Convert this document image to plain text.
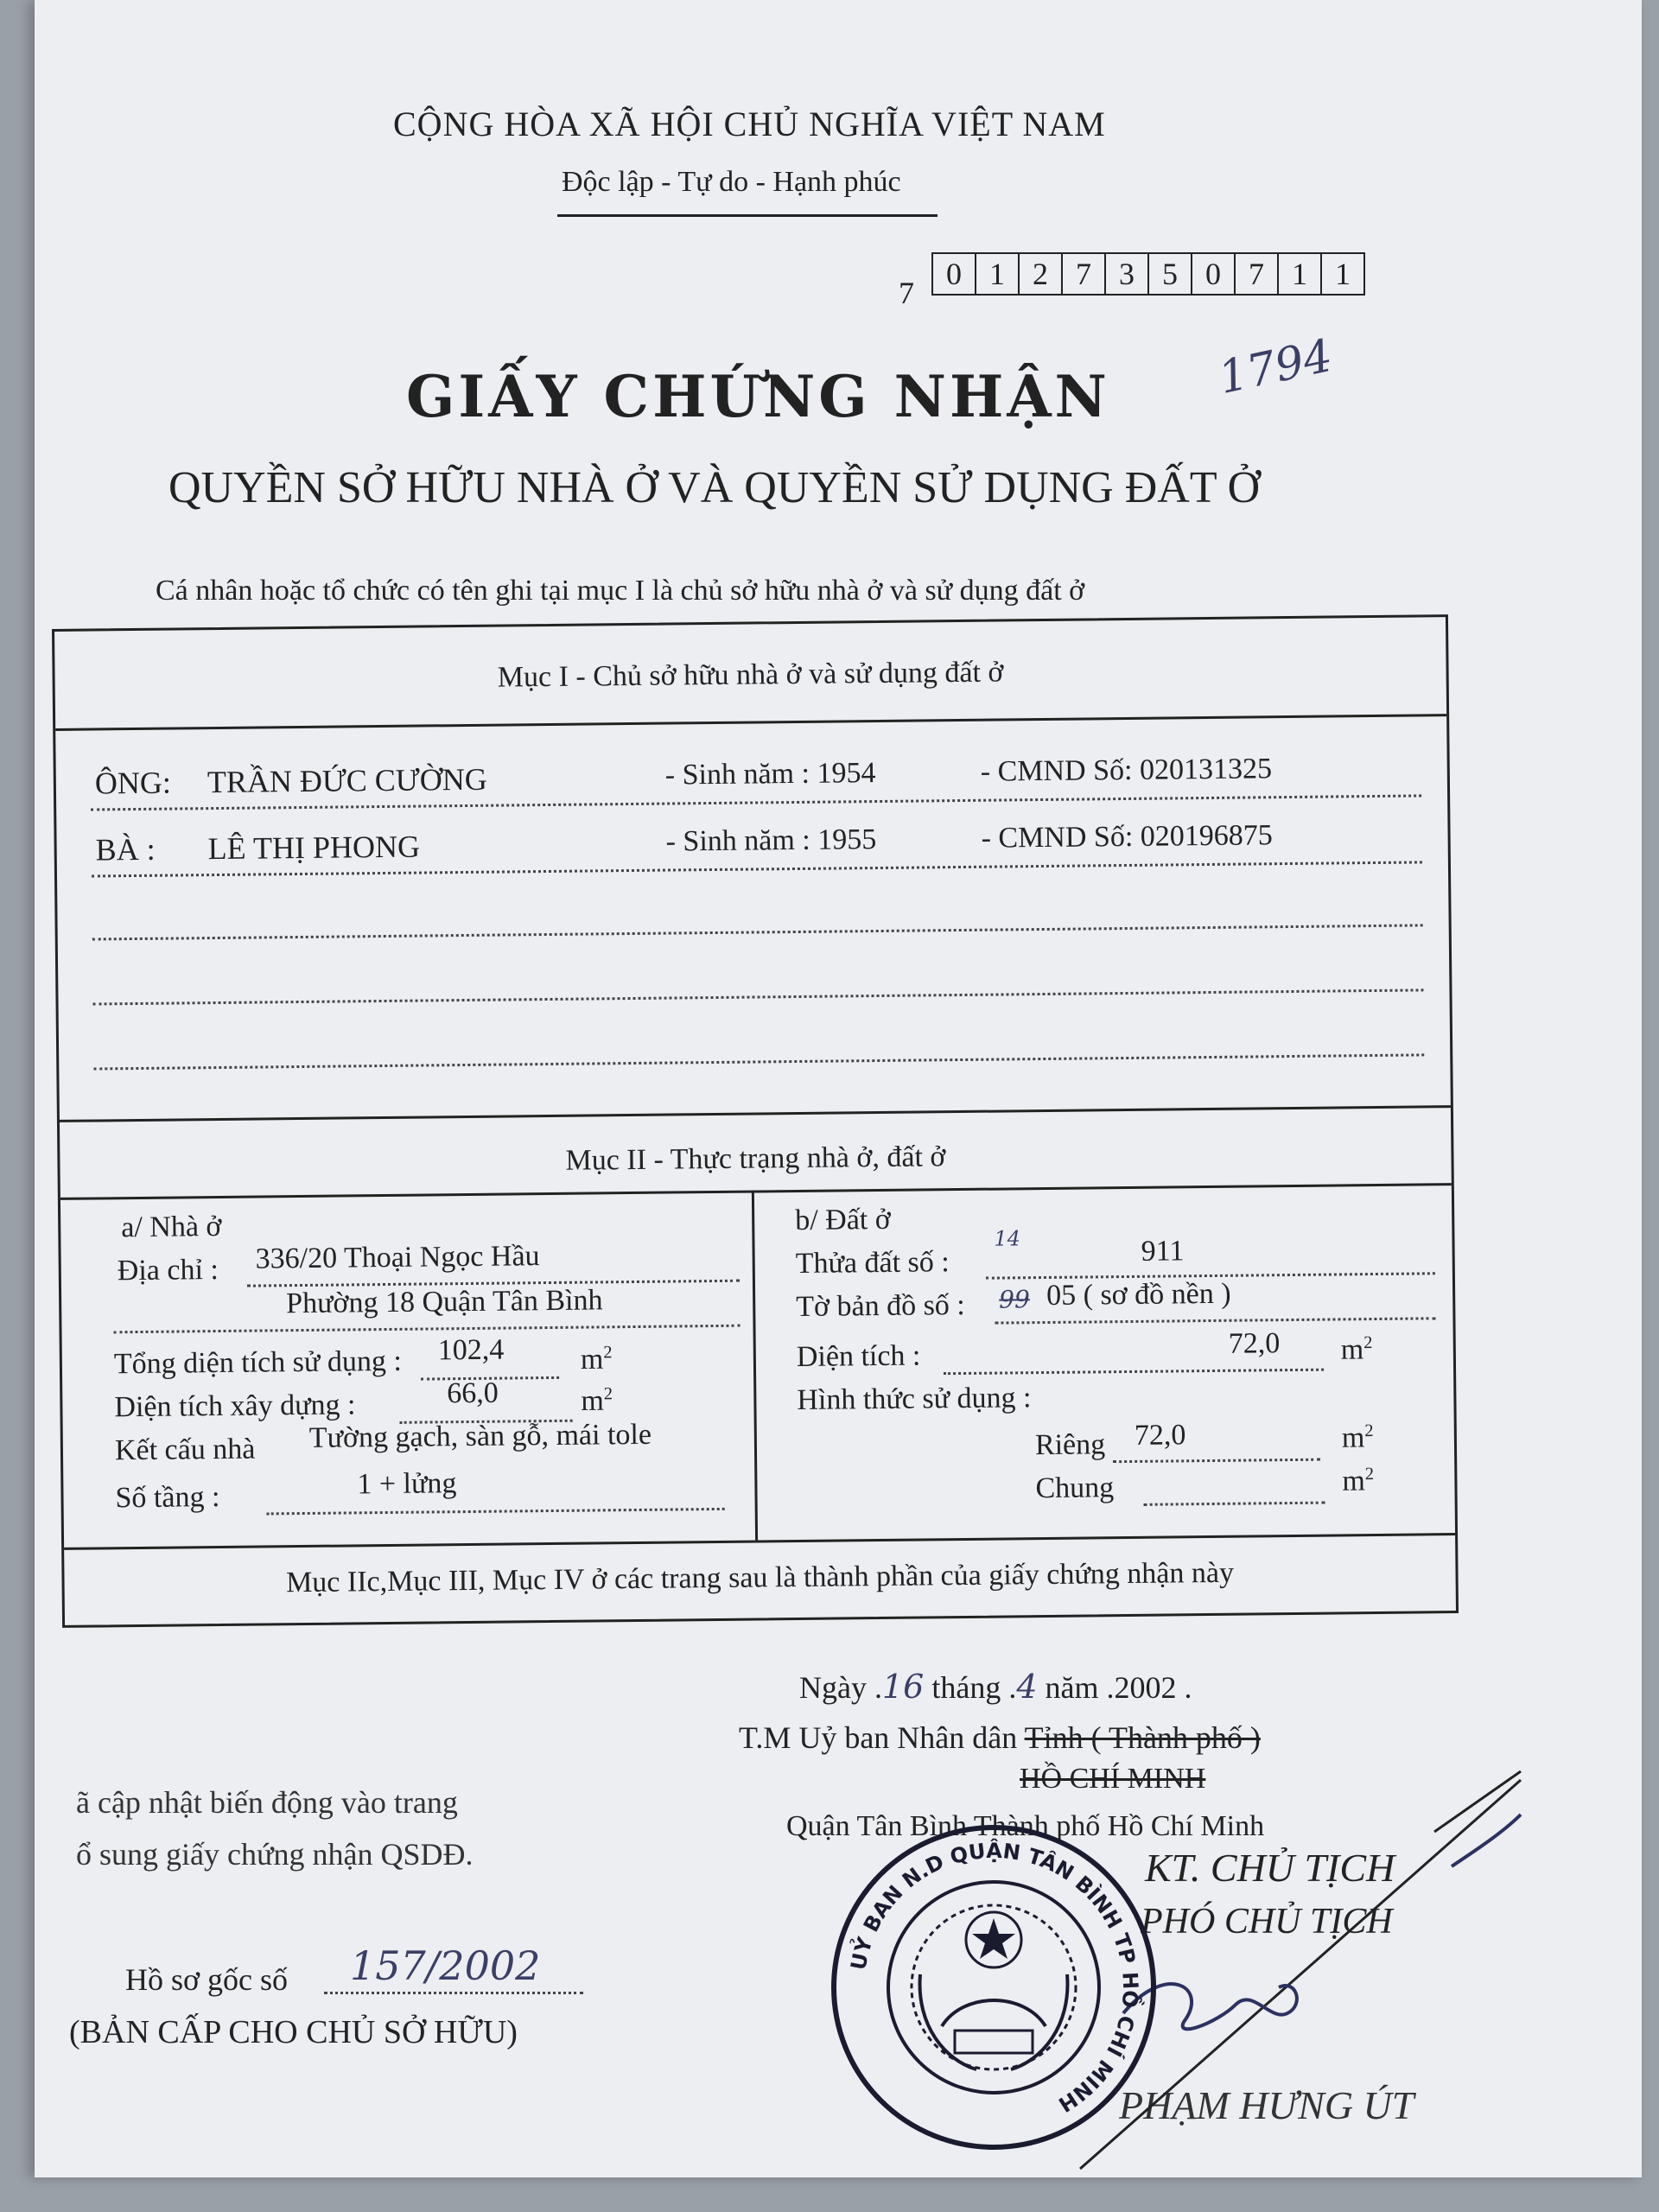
CỘNG HÒA XÃ HỘI CHỦ NGHĨA VIỆT NAM
Độc lập - Tự do - Hạnh phúc
7
0 1 2 7 3 5 0 7 1 1
1794
GIẤY CHỨNG NHẬN
QUYỀN SỞ HỮU NHÀ Ở VÀ QUYỀN SỬ DỤNG ĐẤT Ở
Cá nhân hoặc tổ chức có tên ghi tại mục I là chủ sở hữu nhà ở và sử dụng đất ở
Mục I - Chủ sở hữu nhà ở và sử dụng đất ở
ÔNG: TRẦN ĐỨC CƯỜNG	- Sinh năm : 1954	- CMND Số: 020131325
BÀ : LÊ THỊ PHONG	- Sinh năm : 1955	- CMND Số: 020196875
Mục II - Thực trạng nhà ở, đất ở
a/ Nhà ở
Địa chỉ : 336/20 Thoại Ngọc Hầu
Phường 18 Quận Tân Bình
Tổng diện tích sử dụng : 102,4	$m^2$
Diện tích xây dựng :	66,0	$m^2$
Kết cấu nhà Tường gạch, sàn gỗ, mái tole
Số tầng :	1 + lửng
b/ Đất ở
Thửa đất số :
14	911
Tờ bản đồ số : 99 05 ( sơ đồ nền )
Diện tích :	72,0 $m^2$
Hình thức sử dụng :
Riêng 72,0	$m^2$
Chung	$m^2$
Mục IIc,Mục III, Mục IV ở các trang sau là thành phần của giấy chứng nhận này
Ngày .16 tháng .4 năm .2002 .
T.M Uỷ ban Nhân dân Tỉnh ( Thành phố )
HỒ CHÍ MINH
Quận Tân Bình Thành phố Hồ Chí Minh
KT. CHỦ TỊCH
PHÓ CHỦ TỊCH
PHẠM HƯNG ÚT
UỶ BAN N.D QUẬN TÂN BÌNH TP HỒ CHÍ MINH
ã cập nhật biến động vào trang
ổ sung giấy chứng nhận QSDĐ.
Hồ sơ gốc số 157/2002
(BẢN CẤP CHO CHỦ SỞ HỮU)
